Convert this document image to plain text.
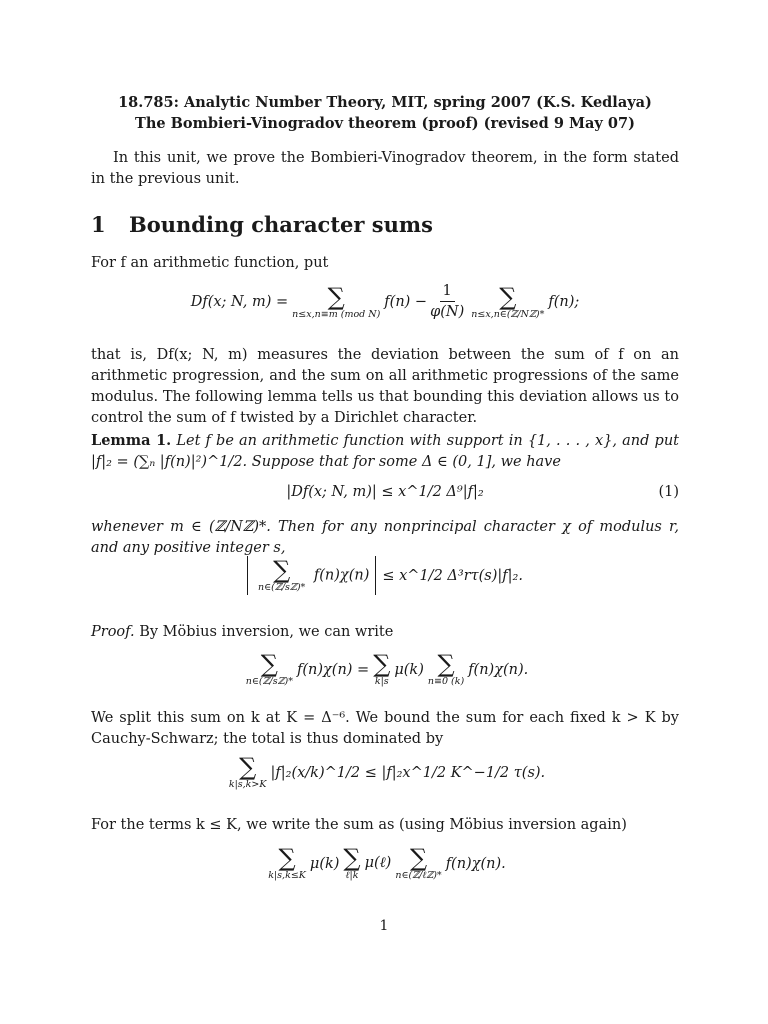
18.785: Analytic Number Theory, MIT, spring 2007 (K.S. Kedlaya)
The Bombieri-Vinogradov theorem (proof) (revised 9 May 07)
In this unit, we prove the Bombieri-Vinogradov theorem, in the form stated in the previous unit.
1 Bounding character sums
For f an arithmetic function, put
Df(x; N, m) = ∑
n≤x,n≡m (mod N)
$f(n) - \frac{1}{\varphi(N)}$ ∑
n≤x,n∈(ℤ/Nℤ)*
f(n);
that is, Df(x; N, m) measures the deviation between the sum of f on an arithmetic progression, and the sum on all arithmetic progressions of the same modulus. The following lemma tells us that bounding this deviation allows us to control the sum of f twisted by a Dirichlet character.
Lemma 1. Let f be an arithmetic function with support in {1, . . . , x}, and put |f|₂ = (∑ₙ |f(n)|²)^1/2. Suppose that for some Δ ∈ (0, 1], we have
|Df(x; N, m)| ≤ x^1/2 Δ⁹|f|₂	(1)
whenever m ∈ (ℤ/Nℤ)*. Then for any nonprincipal character χ of modulus r, and any positive integer s,
∑
n∈(ℤ/sℤ)*
f(n)χ(n) ≤ x^1/2 Δ³rτ(s)|f|₂.
Proof. By Möbius inversion, we can write
∑
n∈(ℤ/sℤ)*
f(n)χ(n) = ∑
k|s
μ(k) ∑
n≡0 (k)
f(n)χ(n).
We split this sum on k at K = Δ⁻⁶. We bound the sum for each fixed k > K by Cauchy-Schwarz; the total is thus dominated by
∑
k|s,k>K
|f|₂(x/k)^1/2 ≤ |f|₂x^1/2 K^−1/2 τ(s).
For the terms k ≤ K, we write the sum as (using Möbius inversion again)
∑
k|s,k≤K
μ(k) ∑
ℓ|k
μ(ℓ) ∑
n∈(ℤ/ℓℤ)*
f(n)χ(n).
1
